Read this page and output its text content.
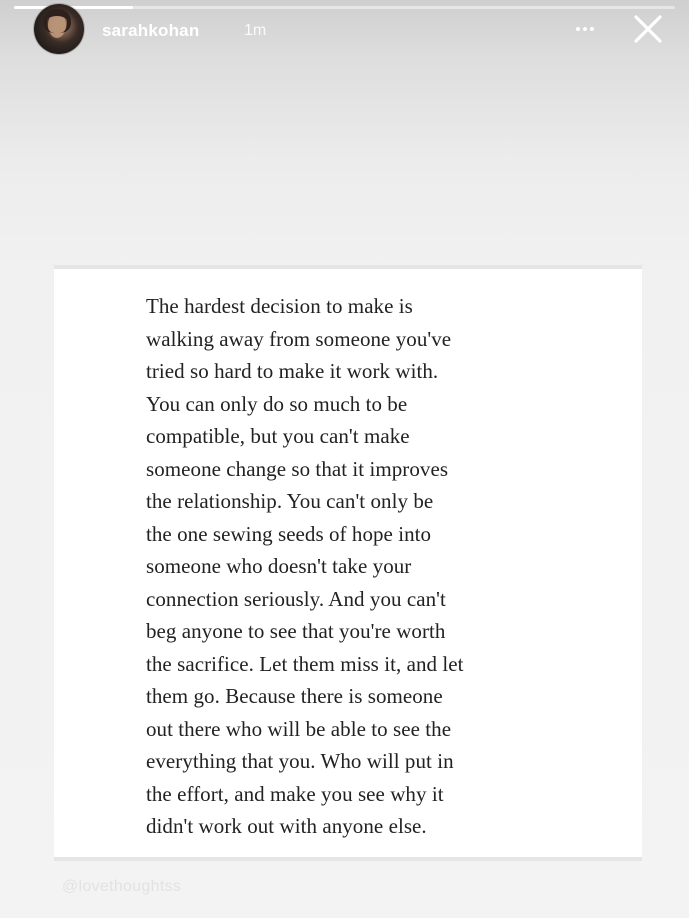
sarahkohan	1m

The hardest decision to make is
walking away from someone you've
tried so hard to make it work with.
You can only do so much to be
compatible, but you can't make
someone change so that it improves
the relationship. You can't only be
the one sewing seeds of hope into
someone who doesn't take your
connection seriously. And you can't
beg anyone to see that you're worth
the sacrifice. Let them miss it, and let
them go. Because there is someone
out there who will be able to see the
everything that you. Who will put in
the effort, and make you see why it
didn't work out with anyone else.

@lovethoughtss
